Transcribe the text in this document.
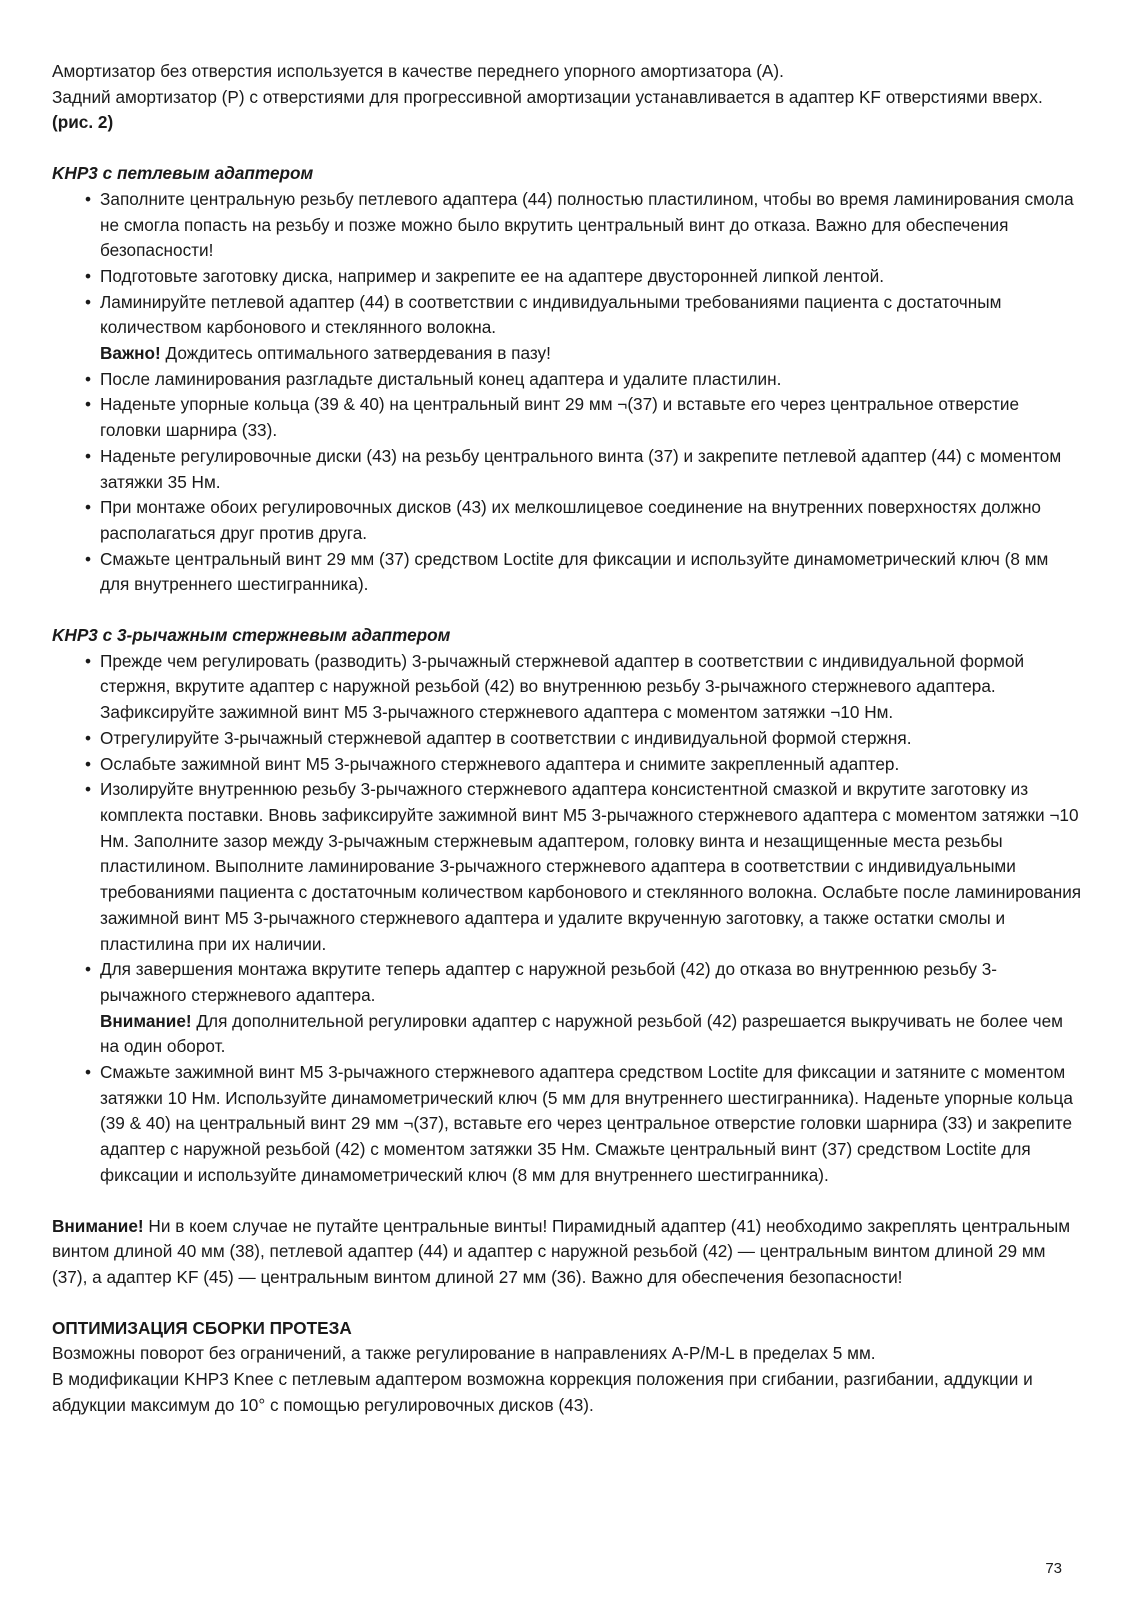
Амортизатор без отверстия используется в качестве переднего упорного амортизатора (A).

Задний амортизатор (P) с отверстиями для прогрессивной амортизации устанавливается в адаптер KF отверстиями вверх. (рис. 2)

KHP3 с петлевым адаптером

• Заполните центральную резьбу петлевого адаптера (44) полностью пластилином, чтобы во время ламинирования смола не смогла попасть на резьбу и позже можно было вкрутить центральный винт до отказа. Важно для обеспечения безопасности!
• Подготовьте заготовку диска, например и закрепите ее на адаптере двусторонней липкой лентой.
• Ламинируйте петлевой адаптер (44) в соответствии с индивидуальными требованиями пациента с достаточным количеством карбонового и стеклянного волокна.
Важно! Дождитесь оптимального затвердевания в пазу!
• После ламинирования разгладьте дистальный конец адаптера и удалите пластилин.
• Наденьте упорные кольца (39 & 40) на центральный винт 29 мм ¬(37) и вставьте его через центральное отверстие головки шарнира (33).
• Наденьте регулировочные диски (43) на резьбу центрального винта (37) и закрепите петлевой адаптер (44) с моментом затяжки 35 Нм.
• При монтаже обоих регулировочных дисков (43) их мелкошлицевое соединение на внутренних поверхностях должно располагаться друг против друга.
• Смажьте центральный винт 29 мм (37) средством Loctite для фиксации и используйте динамометрический ключ (8 мм для внутреннего шестигранника).

KHP3 с 3-рычажным стержневым адаптером

• Прежде чем регулировать (разводить) 3-рычажный стержневой адаптер в соответствии с индивидуальной формой стержня, вкрутите адаптер с наружной резьбой (42) во внутреннюю резьбу 3-рычажного стержневого адаптера. Зафиксируйте зажимной винт M5 3-рычажного стержневого адаптера с моментом затяжки ¬10 Нм.
• Отрегулируйте 3-рычажный стержневой адаптер в соответствии с индивидуальной формой стержня.
• Ослабьте зажимной винт M5 3-рычажного стержневого адаптера и снимите закрепленный адаптер.
• Изолируйте внутреннюю резьбу 3-рычажного стержневого адаптера консистентной смазкой и вкрутите заготовку из комплекта поставки. Вновь зафиксируйте зажимной винт M5 3-рычажного стержневого адаптера с моментом затяжки ¬10 Нм. Заполните зазор между 3-рычажным стержневым адаптером, головку винта и незащищенные места резьбы пластилином. Выполните ламинирование 3-рычажного стержневого адаптера в соответствии с индивидуальными требованиями пациента с достаточным количеством карбонового и стеклянного волокна. Ослабьте после ламинирования зажимной винт M5 3-рычажного стержневого адаптера и удалите вкрученную заготовку, а также остатки смолы и пластилина при их наличии.
• Для завершения монтажа вкрутите теперь адаптер с наружной резьбой (42) до отказа во внутреннюю резьбу 3-рычажного стержневого адаптера.
Внимание! Для дополнительной регулировки адаптер с наружной резьбой (42) разрешается выкручивать не более чем на один оборот.
• Смажьте зажимной винт M5 3-рычажного стержневого адаптера средством Loctite для фиксации и затяните с моментом затяжки 10 Нм. Используйте динамометрический ключ (5 мм для внутреннего шестигранника). Наденьте упорные кольца (39 & 40) на центральный винт 29 мм ¬(37), вставьте его через центральное отверстие головки шарнира (33) и закрепите адаптер с наружной резьбой (42) с моментом затяжки 35 Нм. Смажьте центральный винт (37) средством Loctite для фиксации и используйте динамометрический ключ (8 мм для внутреннего шестигранника).

Внимание! Ни в коем случае не путайте центральные винты! Пирамидный адаптер (41) необходимо закреплять центральным винтом длиной 40 мм (38), петлевой адаптер (44) и адаптер с наружной резьбой (42) — центральным винтом длиной 29 мм (37), а адаптер KF (45) — центральным винтом длиной 27 мм (36). Важно для обеспечения безопасности!

ОПТИМИЗАЦИЯ СБОРКИ ПРОТЕЗА

Возможны поворот без ограничений, а также регулирование в направлениях A-P/M-L в пределах 5 мм.

В модификации KHP3 Knee с петлевым адаптером возможна коррекция положения при сгибании, разгибании, аддукции и абдукции максимум до 10° с помощью регулировочных дисков (43).

73
